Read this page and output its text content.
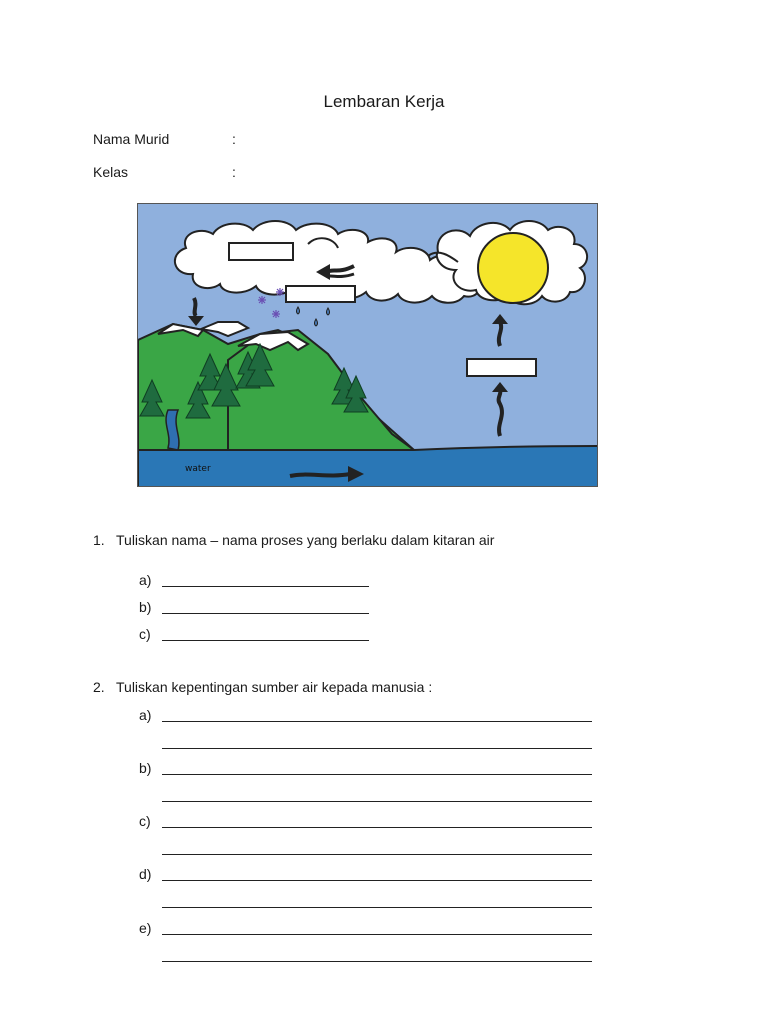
Lembaran Kerja
Nama Murid	:
Kelas	:
water
1. Tuliskan nama – nama proses yang berlaku dalam kitaran air
a)
b)
c)
2. Tuliskan kepentingan sumber air kepada manusia :
a)
b)
c)
d)
e)
